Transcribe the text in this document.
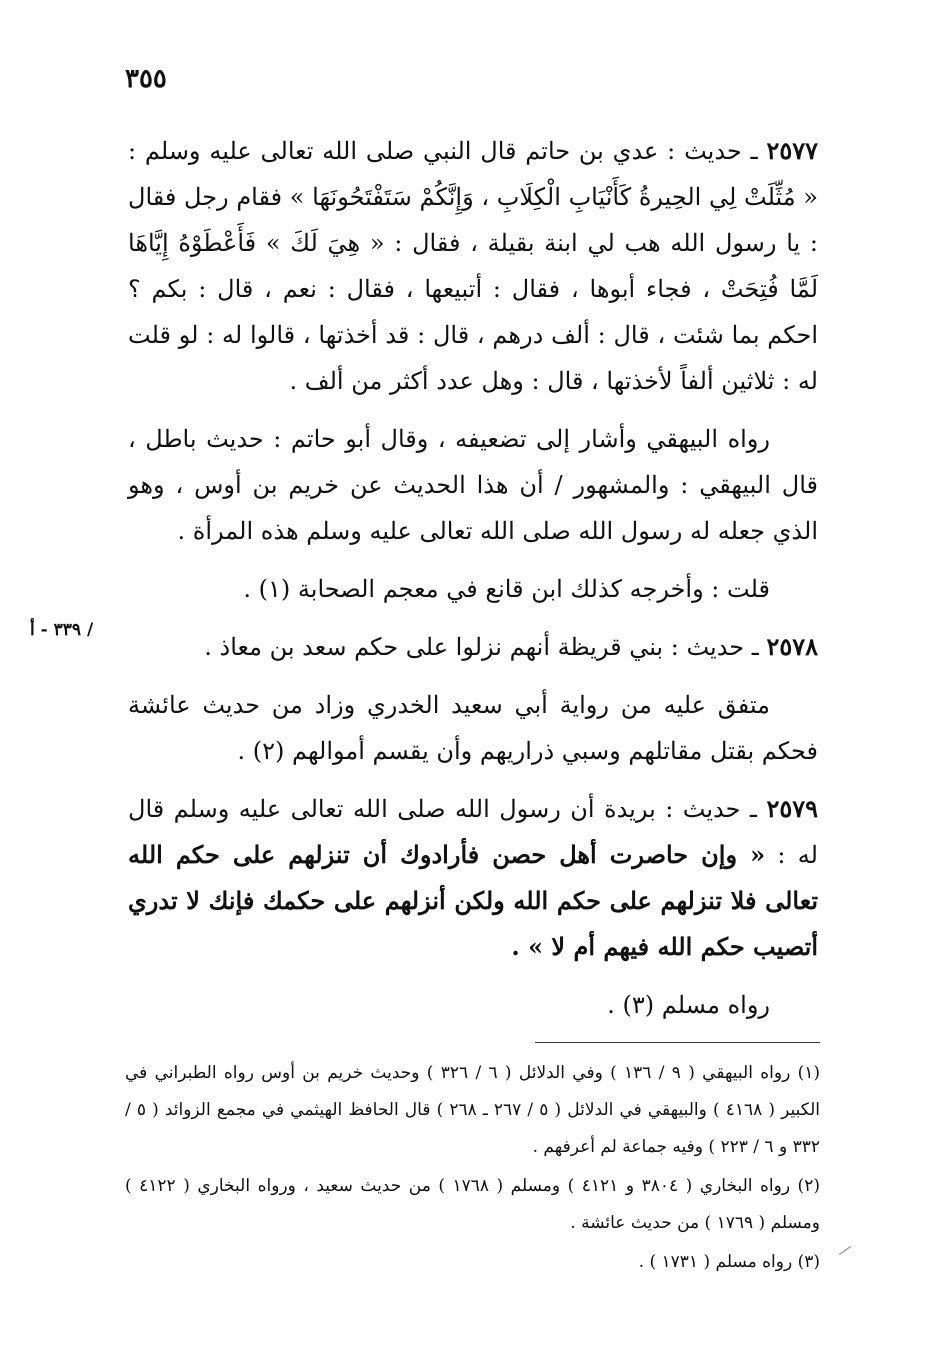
٣٥٥
/ ٣٣٩ - أ

٢٥٧٧ ـ حديث : عدي بن حاتم قال النبي صلى الله تعالى عليه وسلم : « مُثِّلَتْ لِي الحِيرةُ كَأَنْيَابِ الْكِلَابِ ، وَإِنَّكُمْ سَتَفْتَحُونَهَا » فقام رجل فقال : يا رسول الله هب لي ابنة بقيلة ، فقال : « هِيَ لَكَ » فَأَعْطَوْهُ إِيَّاهَا لَمَّا فُتِحَتْ ، فجاء أبوها ، فقال : أتبيعها ، فقال : نعم ، قال : بكم ؟ احكم بما شئت ، قال : ألف درهم ، قال : قد أخذتها ، قالوا له : لو قلت له : ثلاثين ألفاً لأخذتها ، قال : وهل عدد أكثر من ألف .

رواه البيهقي وأشار إلى تضعيفه ، وقال أبو حاتم : حديث باطل ، قال البيهقي : والمشهور / أن هذا الحديث عن خريم بن أوس ، وهو الذي جعله له رسول الله صلى الله تعالى عليه وسلم هذه المرأة .

قلت : وأخرجه كذلك ابن قانع في معجم الصحابة (١) .

٢٥٧٨ ـ حديث : بني قريظة أنهم نزلوا على حكم سعد بن معاذ .

متفق عليه من رواية أبي سعيد الخدري وزاد من حديث عائشة فحكم بقتل مقاتلهم وسبي ذراريهم وأن يقسم أموالهم (٢) .

٢٥٧٩ ـ حديث : بريدة أن رسول الله صلى الله تعالى عليه وسلم قال له : « وإن حاصرت أهل حصن فأرادوك أن تنزلهم على حكم الله تعالى فلا تنزلهم على حكم الله ولكن أنزلهم على حكمك فإنك لا تدري أتصيب حكم الله فيهم أم لا » .

رواه مسلم (٣) .

(١) رواه البيهقي ( ٩ / ١٣٦ ) وفي الدلائل ( ٦ / ٣٢٦ ) وحديث خريم بن أوس رواه الطبراني في الكبير ( ٤١٦٨ ) والبيهقي في الدلائل ( ٥ / ٢٦٧ ـ ٢٦٨ ) قال الحافظ الهيثمي في مجمع الزوائد ( ٥ / ٣٣٢ و ٦ / ٢٢٣ ) وفيه جماعة لم أعرفهم .

(٢) رواه البخاري ( ٣٨٠٤ و ٤١٢١ ) ومسلم ( ١٧٦٨ ) من حديث سعيد ، ورواه البخاري ( ٤١٢٢ ) ومسلم ( ١٧٦٩ ) من حديث عائشة .

(٣) رواه مسلم ( ١٧٣١ ) .
